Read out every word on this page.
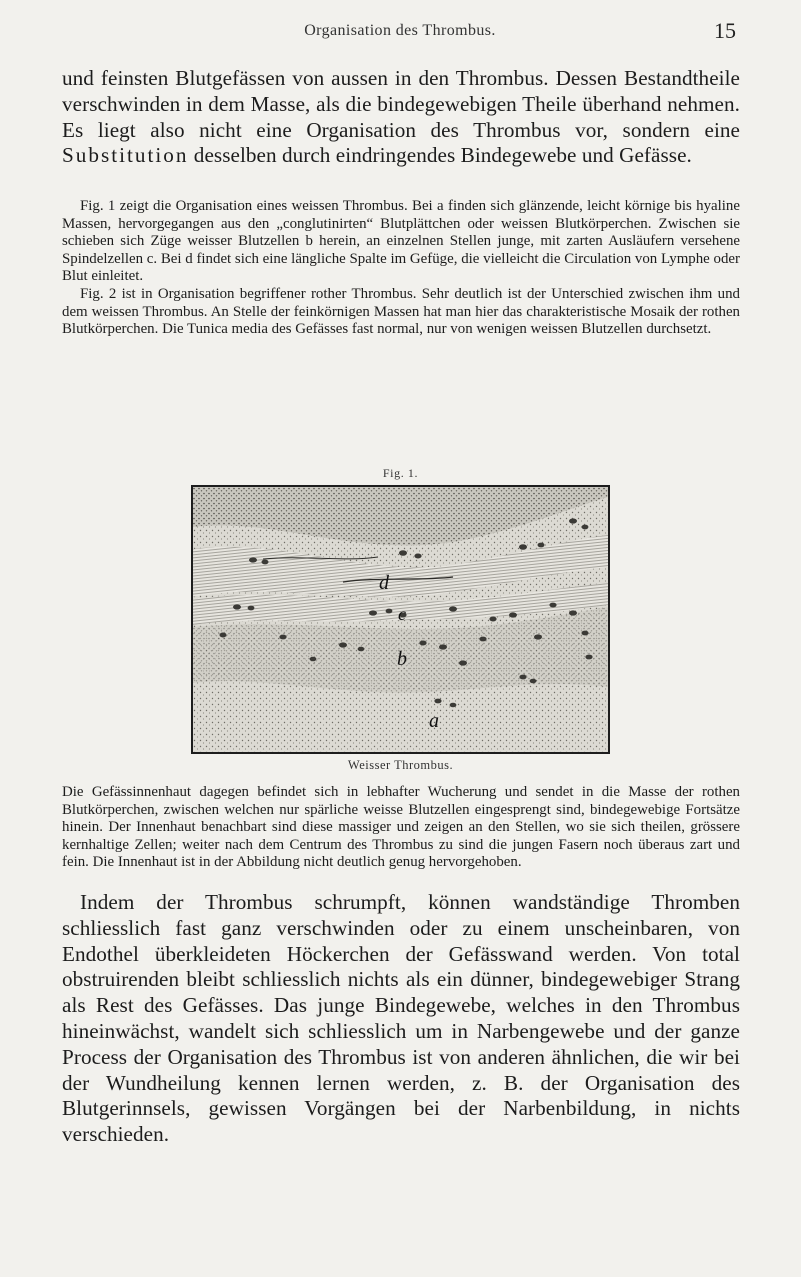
Organisation des Thrombus.	15

und feinsten Blutgefässen von aussen in den Thrombus. Dessen Bestandtheile verschwinden in dem Masse, als die bindegewebigen Theile überhand nehmen. Es liegt also nicht eine Organisation des Thrombus vor, sondern eine Substitution desselben durch eindringendes Bindegewebe und Gefässe.

Fig. 1 zeigt die Organisation eines weissen Thrombus. Bei a finden sich glänzende, leicht körnige bis hyaline Massen, hervorgegangen aus den „conglutinirten“ Blutplättchen oder weissen Blutkörperchen. Zwischen sie schieben sich Züge weisser Blutzellen b herein, an einzelnen Stellen junge, mit zarten Ausläufern versehene Spindelzellen c. Bei d findet sich eine längliche Spalte im Gefüge, die vielleicht die Circulation von Lymphe oder Blut einleitet.

Fig. 2 ist in Organisation begriffener rother Thrombus. Sehr deutlich ist der Unterschied zwischen ihm und dem weissen Thrombus. An Stelle der feinkörnigen Massen hat man hier das charakteristische Mosaik der rothen Blutkörperchen. Die Tunica media des Gefässes fast normal, nur von wenigen weissen Blutzellen durchsetzt.

Fig. 1.
d
c
b
a
Weisser Thrombus.

Die Gefässinnenhaut dagegen befindet sich in lebhafter Wucherung und sendet in die Masse der rothen Blutkörperchen, zwischen welchen nur spärliche weisse Blutzellen eingesprengt sind, bindegewebige Fortsätze hinein. Der Innenhaut benachbart sind diese massiger und zeigen an den Stellen, wo sie sich theilen, grössere kernhaltige Zellen; weiter nach dem Centrum des Thrombus zu sind die jungen Fasern noch überaus zart und fein. Die Innenhaut ist in der Abbildung nicht deutlich genug hervorgehoben.

Indem der Thrombus schrumpft, können wandständige Thromben schliesslich fast ganz verschwinden oder zu einem unscheinbaren, von Endothel überkleideten Höckerchen der Gefässwand werden. Von total obstruirenden bleibt schliesslich nichts als ein dünner, bindegewebiger Strang als Rest des Gefässes. Das junge Bindegewebe, welches in den Thrombus hineinwächst, wandelt sich schliesslich um in Narbengewebe und der ganze Process der Organisation des Thrombus ist von anderen ähnlichen, die wir bei der Wundheilung kennen lernen werden, z. B. der Organisation des Blutgerinnsels, gewissen Vorgängen bei der Narbenbildung, in nichts verschieden.
